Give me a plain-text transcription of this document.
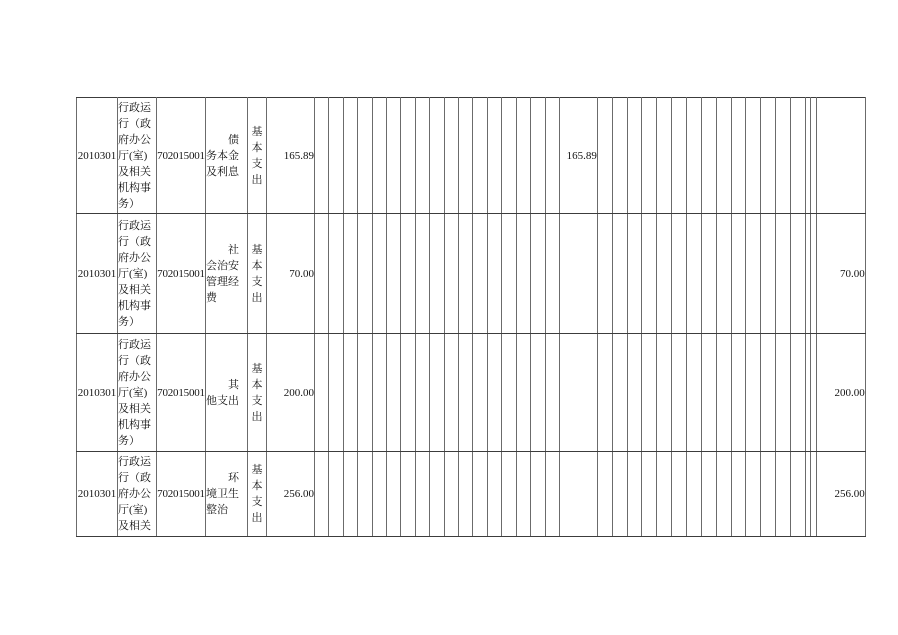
2010301	行政运行（政府办公厅(室)及相关机构事务）	702015001	债务本金及利息	基本支出	165.89																		165.89																	
2010301	行政运行（政府办公厅(室)及相关机构事务）	702015001	社会治安管理经费	基本支出	70.00																																			70.00
2010301	行政运行（政府办公厅(室)及相关机构事务）	702015001	其他支出	基本支出	200.00																																			200.00
2010301	行政运行（政府办公厅(室)及相关	702015001	环境卫生整治	基本支出	256.00																																			256.00
